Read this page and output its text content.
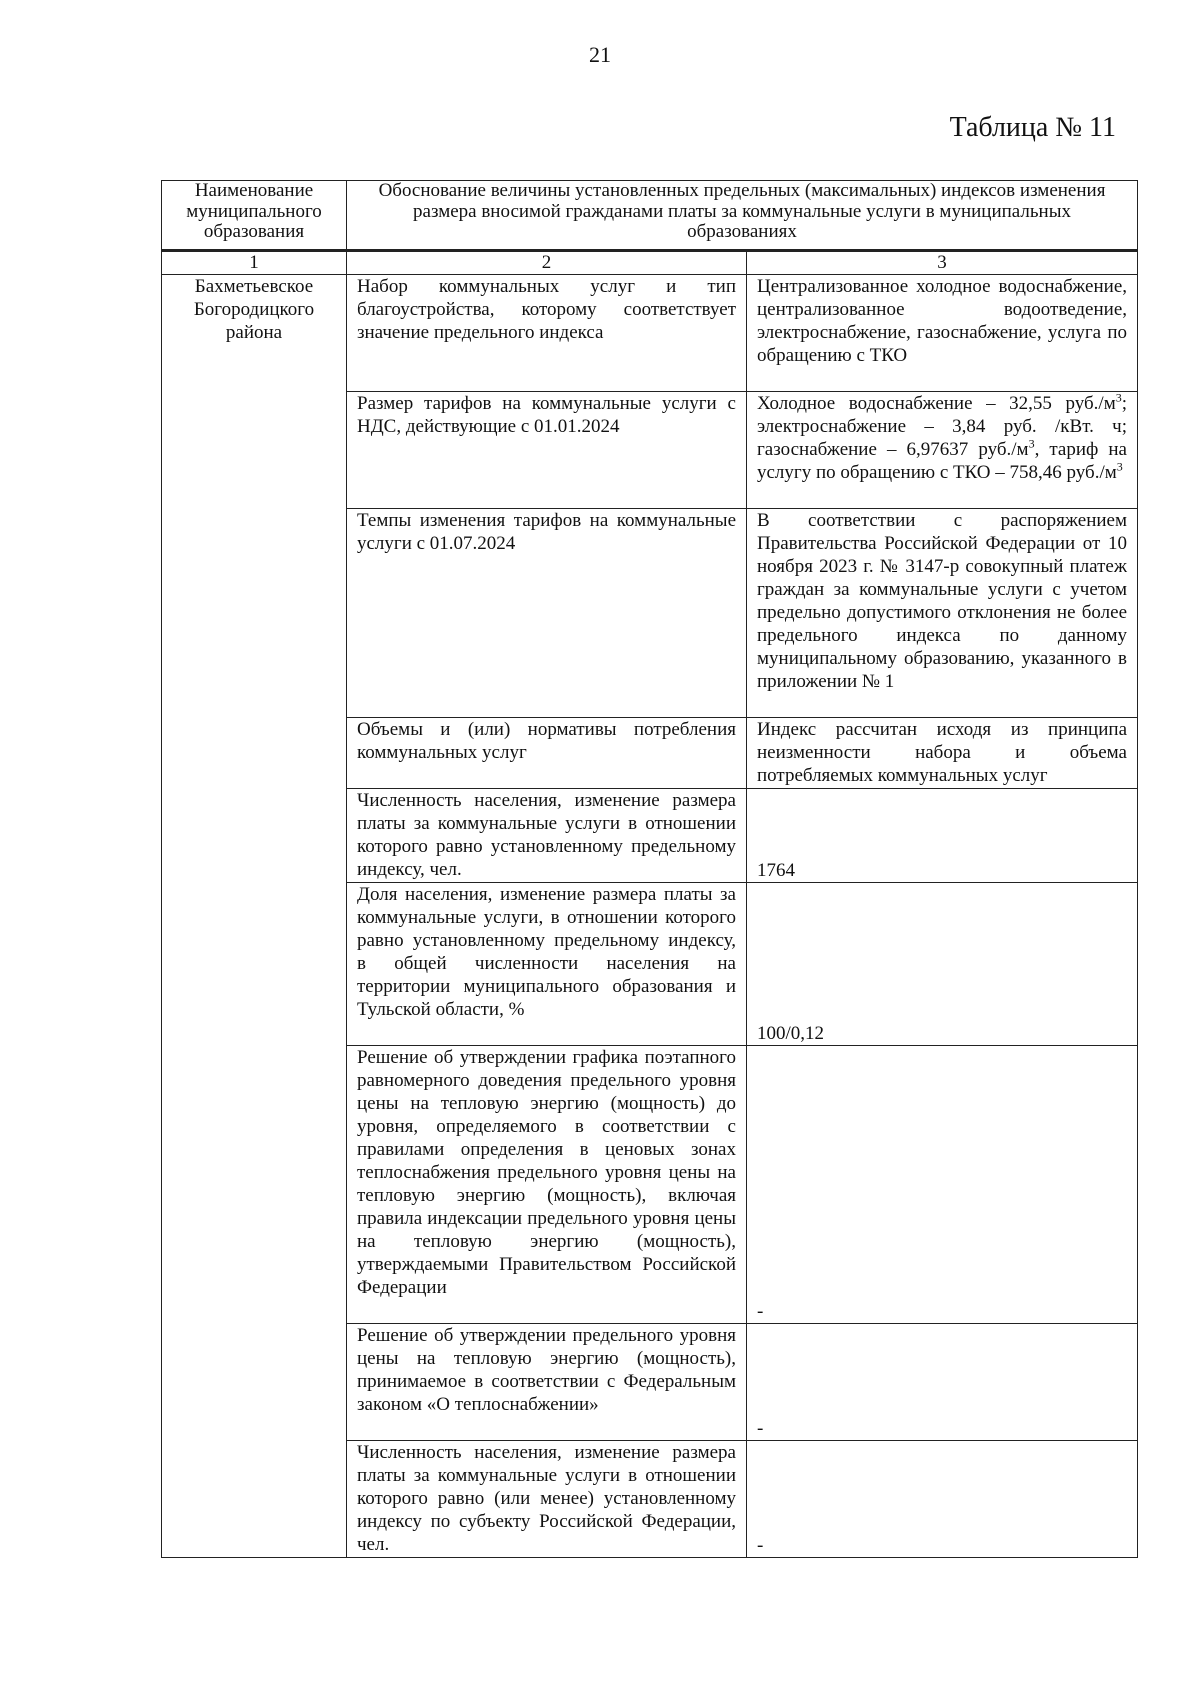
21
Таблица № 11
Наименование муниципального образования	Обоснование величины установленных предельных (максимальных) индексов изменения размера вносимой гражданами платы за коммунальные услуги в муниципальных образованиях	
1	2	3
Бахметьевское Богородицкого района	Набор коммунальных услуг и тип благоустройства, которому соответствует значение предельного индекса	Централизованное холодное водоснабжение, централизованное водоотведение, электроснабжение, газоснабжение, услуга по обращению с ТКО
	Размер тарифов на коммунальные услуги с НДС, действующие с 01.01.2024	Холодное водоснабжение – 32,55 $руб./м^3$; электроснабжение – 3,84 руб. /кВт. ч; газоснабжение – 6,97637 $руб./м^3$, тариф на услугу по обращению с ТКО – 758,46 $руб./м^3$
	Темпы изменения тарифов на коммунальные услуги с 01.07.2024	В соответствии с распоряжением Правительства Российской Федерации от 10 ноября 2023 г. № 3147-р совокупный платеж граждан за коммунальные услуги с учетом предельно допустимого отклонения не более предельного индекса по данному муниципальному образованию, указанного в приложении № 1
	Объемы и (или) нормативы потребления коммунальных услуг	Индекс рассчитан исходя из принципа неизменности набора и объема потребляемых коммунальных услуг
	Численность населения, изменение размера платы за коммунальные услуги в отношении которого равно установленному предельному индексу, чел.	1764
	Доля населения, изменение размера платы за коммунальные услуги, в отношении которого равно установленному предельному индексу, в общей численности населения на территории муниципального образования и Тульской области, %	100/0,12
	Решение об утверждении графика поэтапного равномерного доведения предельного уровня цены на тепловую энергию (мощность) до уровня, определяемого в соответствии с правилами определения в ценовых зонах теплоснабжения предельного уровня цены на тепловую энергию (мощность), включая правила индексации предельного уровня цены на тепловую энергию (мощность), утверждаемыми Правительством Российской Федерации	-
	Решение об утверждении предельного уровня цены на тепловую энергию (мощность), принимаемое в соответствии с Федеральным законом «О теплоснабжении»	-
	Численность населения, изменение размера платы за коммунальные услуги в отношении которого равно (или менее) установленному индексу по субъекту Российской Федерации, чел.	-
